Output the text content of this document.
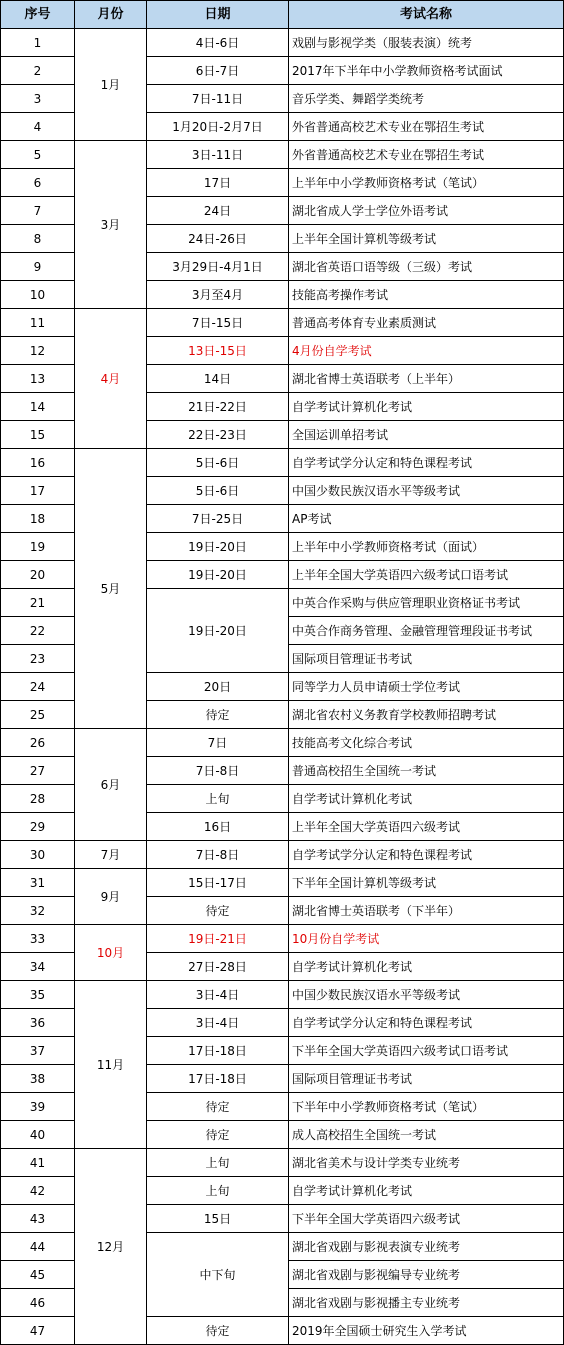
序号	月份	日期	考试名称
1	1月	4日-6日	戏剧与影视学类（服装表演）统考
2		6日-7日	2017年下半年中小学教师资格考试面试
3		7日-11日	音乐学类、舞蹈学类统考
4		1月20日-2月7日	外省普通高校艺术专业在鄂招生考试
5	3月	3日-11日	外省普通高校艺术专业在鄂招生考试
6		17日	上半年中小学教师资格考试（笔试）
7		24日	湖北省成人学士学位外语考试
8		24日-26日	上半年全国计算机等级考试
9		3月29日-4月1日	湖北省英语口语等级（三级）考试
10		3月至4月	技能高考操作考试
11	4月	7日-15日	普通高考体育专业素质测试
12		13日-15日	4月份自学考试
13		14日	湖北省博士英语联考（上半年）
14		21日-22日	自学考试计算机化考试
15		22日-23日	全国运训单招考试
16	5月	5日-6日	自学考试学分认定和特色课程考试
17		5日-6日	中国少数民族汉语水平等级考试
18		7日-25日	AP考试
19		19日-20日	上半年中小学教师资格考试（面试）
20		19日-20日	上半年全国大学英语四六级考试口语考试
21		19日-20日	中英合作采购与供应管理职业资格证书考试
22			中英合作商务管理、金融管理管理段证书考试
23			国际项目管理证书考试
24		20日	同等学力人员申请硕士学位考试
25		待定	湖北省农村义务教育学校教师招聘考试
26	6月	7日	技能高考文化综合考试
27		7日-8日	普通高校招生全国统一考试
28		上旬	自学考试计算机化考试
29		16日	上半年全国大学英语四六级考试
30	7月	7日-8日	自学考试学分认定和特色课程考试
31	9月	15日-17日	下半年全国计算机等级考试
32		待定	湖北省博士英语联考（下半年）
33	10月	19日-21日	10月份自学考试
34		27日-28日	自学考试计算机化考试
35	11月	3日-4日	中国少数民族汉语水平等级考试
36		3日-4日	自学考试学分认定和特色课程考试
37		17日-18日	下半年全国大学英语四六级考试口语考试
38		17日-18日	国际项目管理证书考试
39		待定	下半年中小学教师资格考试（笔试）
40		待定	成人高校招生全国统一考试
41	12月	上旬	湖北省美术与设计学类专业统考
42		上旬	自学考试计算机化考试
43		15日	下半年全国大学英语四六级考试
44		中下旬	湖北省戏剧与影视表演专业统考
45			湖北省戏剧与影视编导专业统考
46			湖北省戏剧与影视播主专业统考
47		待定	2019年全国硕士研究生入学考试
